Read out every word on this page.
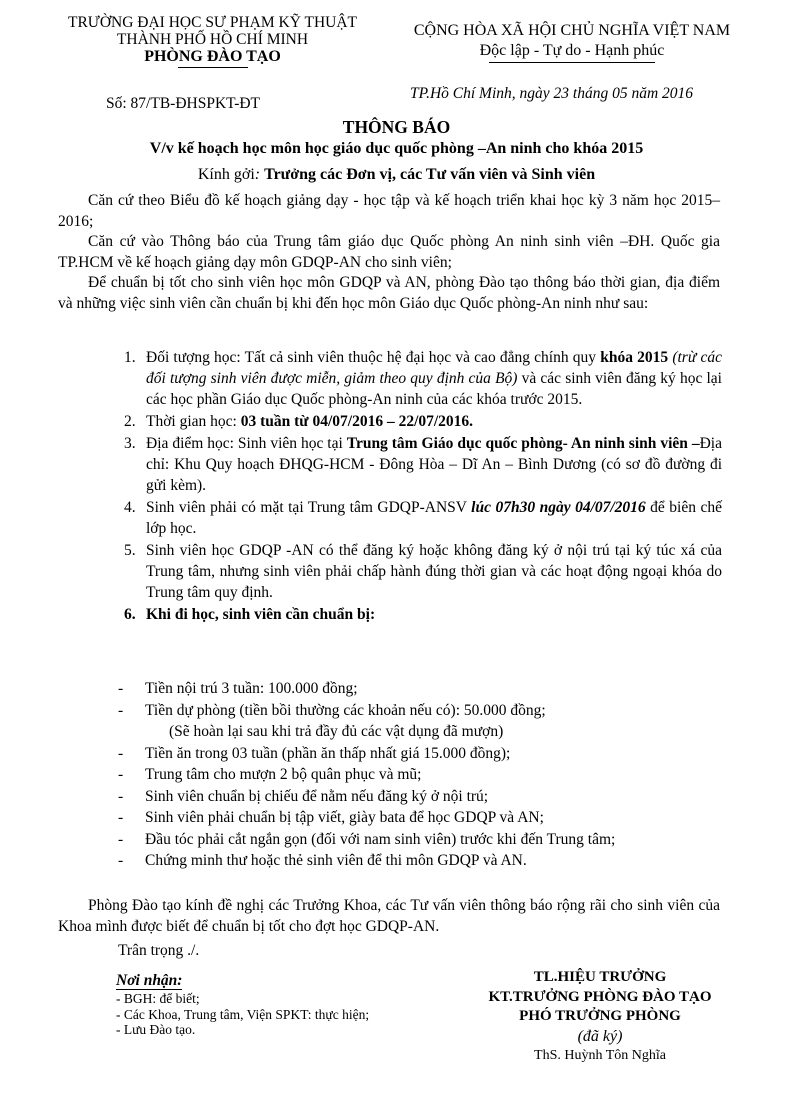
TRƯỜNG ĐẠI HỌC SƯ PHẠM KỸ THUẬT
THÀNH PHỐ HỒ CHÍ MINH
PHÒNG ĐÀO TẠO
CỘNG HÒA XÃ HỘI CHỦ NGHĨA VIỆT NAM
Độc lập - Tự do - Hạnh phúc
Số: 87/TB-ĐHSPKT-ĐT
TP.Hồ Chí Minh, ngày 23 tháng 05 năm 2016
THÔNG BÁO
V/v kế hoạch học môn học giáo dục quốc phòng –An ninh cho khóa 2015
Kính gởi: Trưởng các Đơn vị, các Tư vấn viên và Sinh viên

Căn cứ theo Biểu đồ kế hoạch giảng dạy - học tập và kế hoạch triển khai học kỳ 3 năm học 2015–2016;

Căn cứ vào Thông báo của Trung tâm giáo dục Quốc phòng An ninh sinh viên –ĐH. Quốc gia TP.HCM về kế hoạch giảng dạy môn GDQP-AN cho sinh viên;

Để chuẩn bị tốt cho sinh viên học môn GDQP và AN, phòng Đào tạo thông báo thời gian, địa điểm và những việc sinh viên cần chuẩn bị khi đến học môn Giáo dục Quốc phòng-An ninh như sau:

1. Đối tượng học: Tất cả sinh viên thuộc hệ đại học và cao đẳng chính quy khóa 2015 (trừ các đối tượng sinh viên được miễn, giảm theo quy định của Bộ) và các sinh viên đăng ký học lại các học phần Giáo dục Quốc phòng-An ninh của các khóa trước 2015.
2. Thời gian học: 03 tuần từ 04/07/2016 – 22/07/2016.
3. Địa điểm học: Sinh viên học tại Trung tâm Giáo dục quốc phòng- An ninh sinh viên –Địa chỉ: Khu Quy hoạch ĐHQG-HCM - Đông Hòa – Dĩ An – Bình Dương (có sơ đồ đường đi gửi kèm).
4. Sinh viên phải có mặt tại Trung tâm GDQP-ANSV lúc 07h30 ngày 04/07/2016 để biên chế lớp học.
5. Sinh viên học GDQP -AN có thể đăng ký hoặc không đăng ký ở nội trú tại ký túc xá của Trung tâm, nhưng sinh viên phải chấp hành đúng thời gian và các hoạt động ngoại khóa do Trung tâm quy định.
6. Khi đi học, sinh viên cần chuẩn bị:
- Tiền nội trú 3 tuần: 100.000 đồng;
- Tiền dự phòng (tiền bồi thường các khoản nếu có): 50.000 đồng;
(Sẽ hoàn lại sau khi trả đầy đủ các vật dụng đã mượn)
- Tiền ăn trong 03 tuần (phần ăn thấp nhất giá 15.000 đồng);
- Trung tâm cho mượn 2 bộ quân phục và mũ;
- Sinh viên chuẩn bị chiếu để nằm nếu đăng ký ở nội trú;
- Sinh viên phải chuẩn bị tập viết, giày bata để học GDQP và AN;
- Đầu tóc phải cắt ngắn gọn (đối với nam sinh viên) trước khi đến Trung tâm;
- Chứng minh thư hoặc thẻ sinh viên để thi môn GDQP và AN.

Phòng Đào tạo kính đề nghị các Trưởng Khoa, các Tư vấn viên thông báo rộng rãi cho sinh viên của Khoa mình được biết để chuẩn bị tốt cho đợt học GDQP-AN.

Trân trọng ./.
Nơi nhận:
- BGH: để biết;
- Các Khoa, Trung tâm, Viện SPKT: thực hiện;
- Lưu Đào tạo.
TL.HIỆU TRƯỞNG
KT.TRƯỞNG PHÒNG ĐÀO TẠO
PHÓ TRƯỞNG PHÒNG
(đã ký)
ThS. Huỳnh Tôn Nghĩa
